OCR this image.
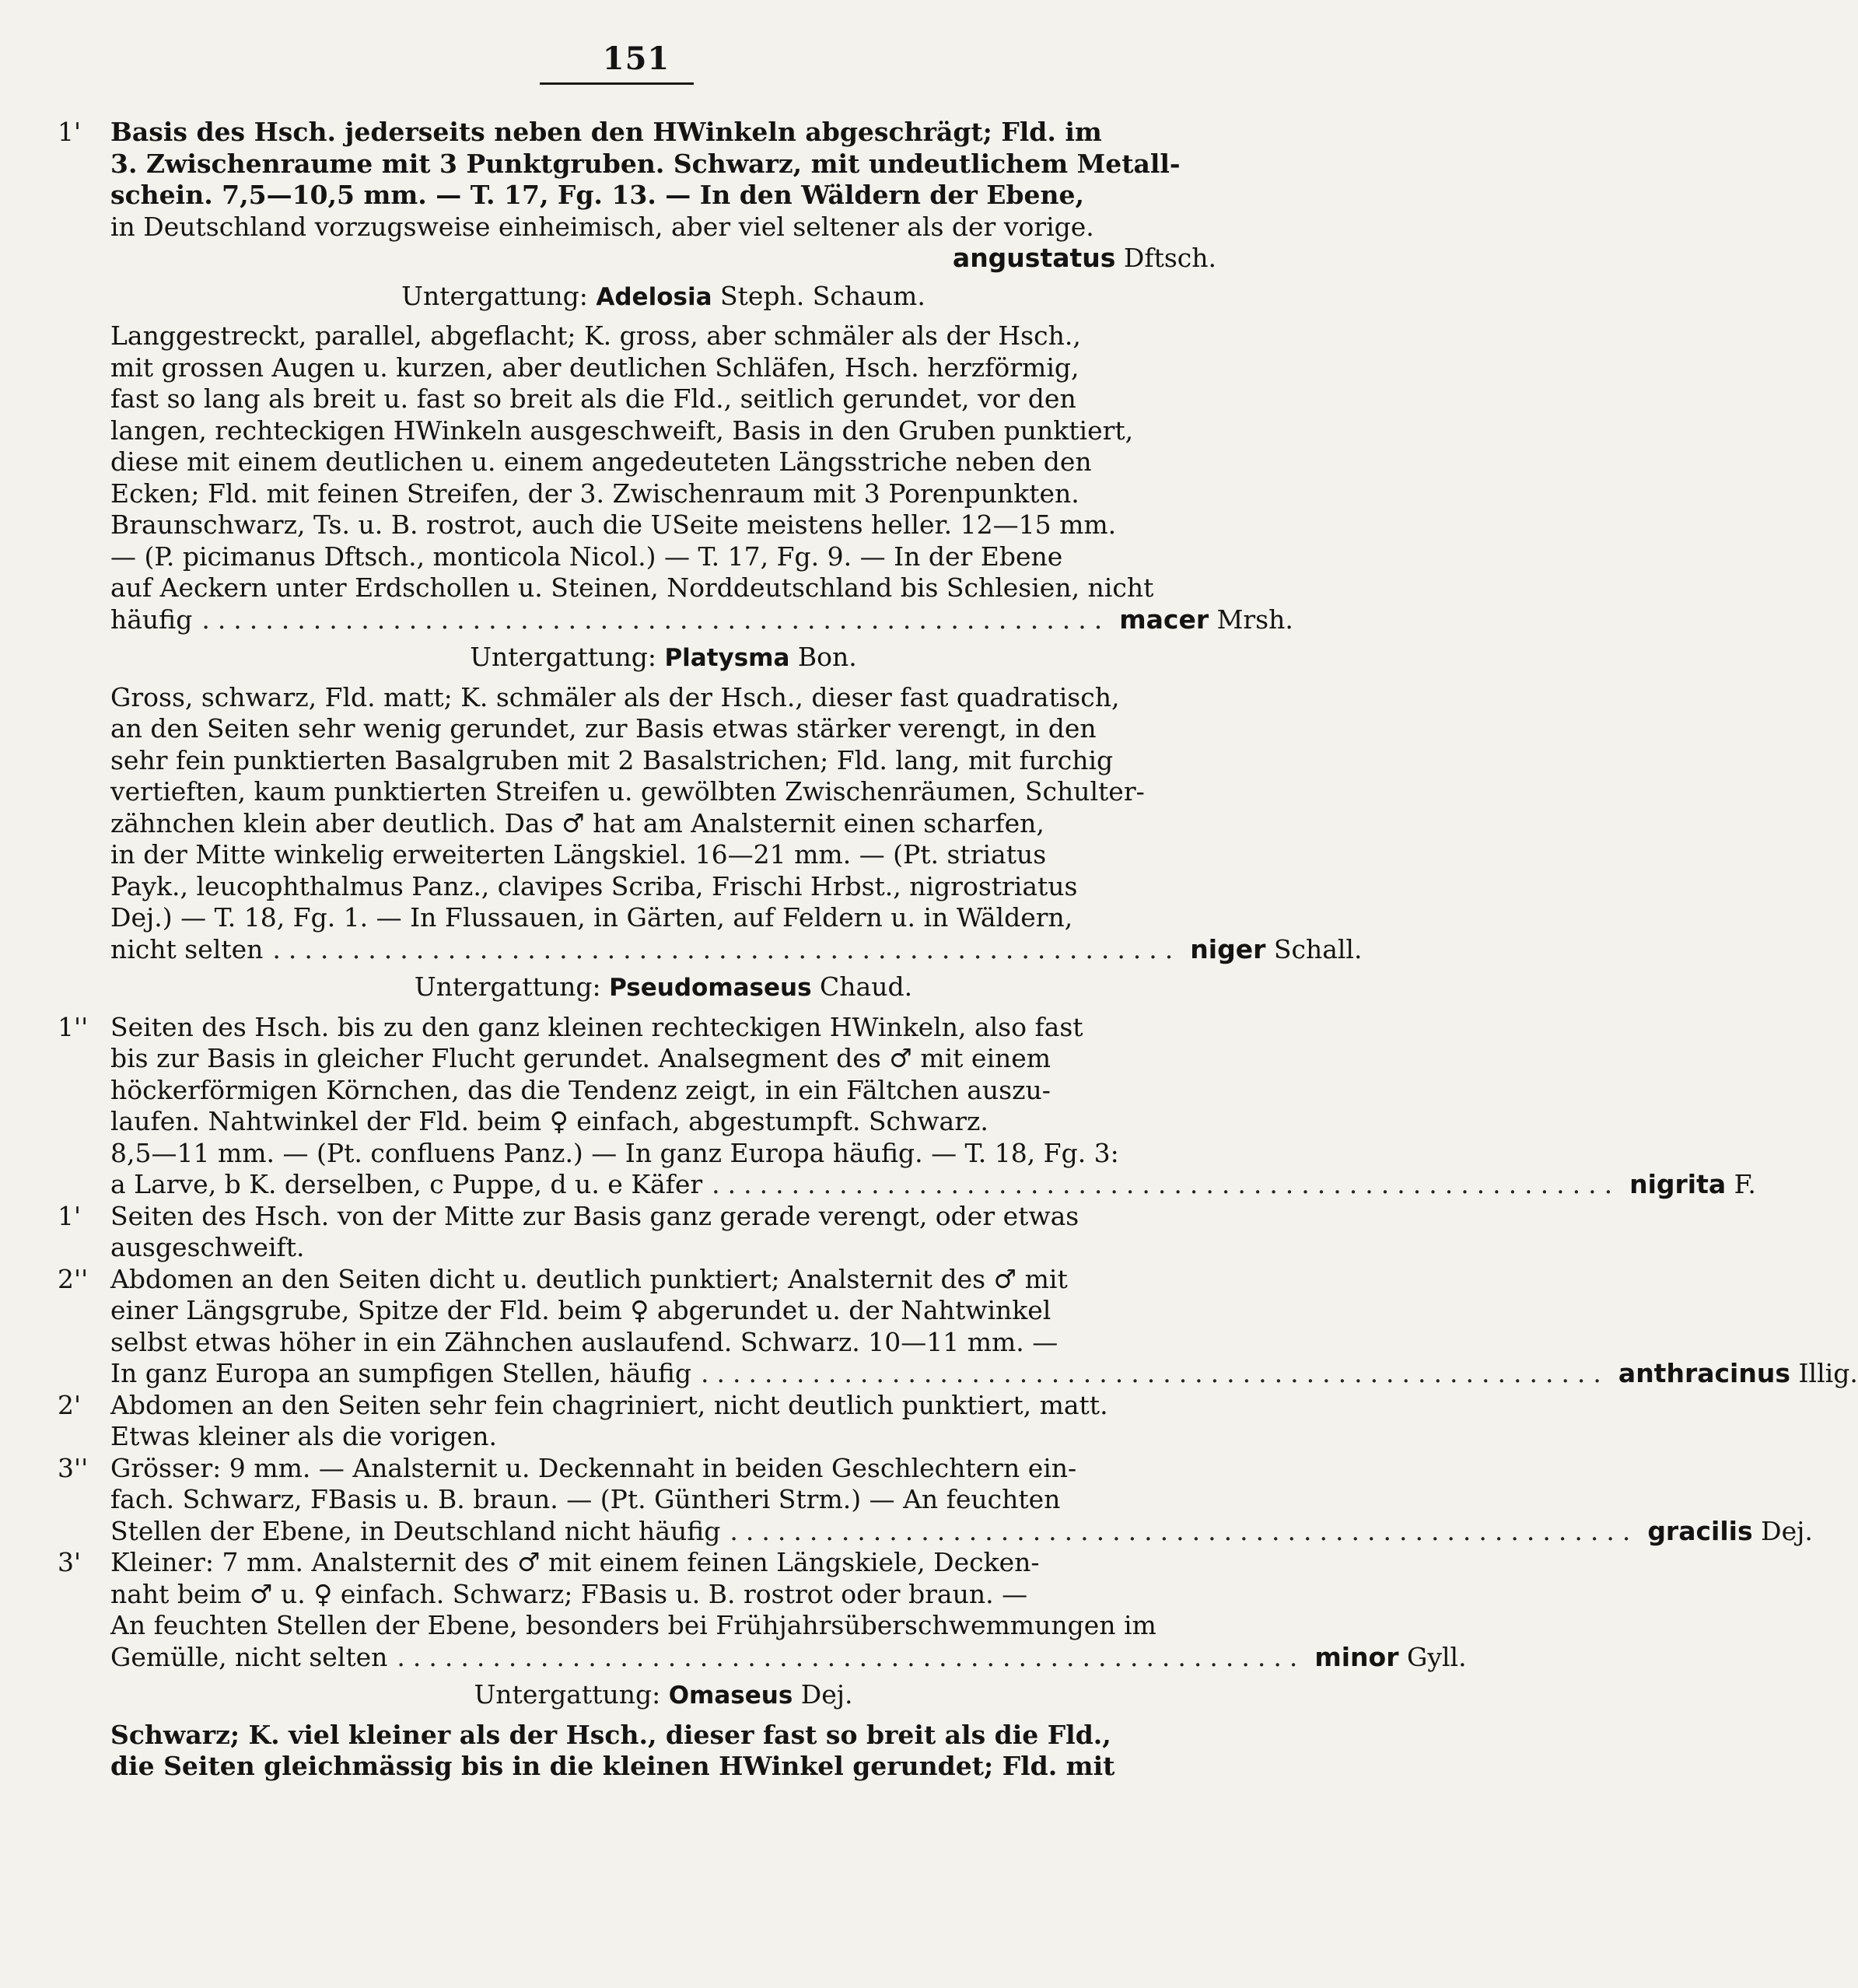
151
1' Basis des Hsch. jederseits neben den HWinkeln abgeschrägt; Fld. im
3. Zwischenraume mit 3 Punktgruben. Schwarz, mit undeutlichem Metall-
schein. 7,5—10,5 mm. — T. 17, Fg. 13. — In den Wäldern der Ebene,
in Deutschland vorzugsweise einheimisch, aber viel seltener als der vorige.
angustatus Dftsch.
Untergattung: Adelosia Steph. Schaum.
Langgestreckt, parallel, abgeflacht; K. gross, aber schmäler als der Hsch.,
mit grossen Augen u. kurzen, aber deutlichen Schläfen, Hsch. herzförmig,
fast so lang als breit u. fast so breit als die Fld., seitlich gerundet, vor den
langen, rechteckigen HWinkeln ausgeschweift, Basis in den Gruben punktiert,
diese mit einem deutlichen u. einem angedeuteten Längsstriche neben den
Ecken; Fld. mit feinen Streifen, der 3. Zwischenraum mit 3 Porenpunkten.
Braunschwarz, Ts. u. B. rostrot, auch die USeite meistens heller. 12—15 mm.
— (P. picimanus Dftsch., monticola Nicol.) — T. 17, Fg. 9. — In der Ebene
auf Aeckern unter Erdschollen u. Steinen, Norddeutschland bis Schlesien, nicht
häufig ......................................................... macer Mrsh.
Untergattung: Platysma Bon.
Gross, schwarz, Fld. matt; K. schmäler als der Hsch., dieser fast quadratisch,
an den Seiten sehr wenig gerundet, zur Basis etwas stärker verengt, in den
sehr fein punktierten Basalgruben mit 2 Basalstrichen; Fld. lang, mit furchig
vertieften, kaum punktierten Streifen u. gewölbten Zwischenräumen, Schulter-
zähnchen klein aber deutlich. Das ♂ hat am Analsternit einen scharfen,
in der Mitte winkelig erweiterten Längskiel. 16—21 mm. — (Pt. striatus
Payk., leucophthalmus Panz., clavipes Scriba, Frischi Hrbst., nigrostriatus
Dej.) — T. 18, Fg. 1. — In Flussauen, in Gärten, auf Feldern u. in Wäldern,
nicht selten ......................................................... niger Schall.
Untergattung: Pseudomaseus Chaud.
1'' Seiten des Hsch. bis zu den ganz kleinen rechteckigen HWinkeln, also fast
bis zur Basis in gleicher Flucht gerundet. Analsegment des ♂ mit einem
höckerförmigen Körnchen, das die Tendenz zeigt, in ein Fältchen auszu-
laufen. Nahtwinkel der Fld. beim ♀ einfach, abgestumpft. Schwarz.
8,5—11 mm. — (Pt. confluens Panz.) — In ganz Europa häufig. — T. 18, Fg. 3:
a Larve, b K. derselben, c Puppe, d u. e Käfer ......................................................... nigrita F.
1' Seiten des Hsch. von der Mitte zur Basis ganz gerade verengt, oder etwas
ausgeschweift.
2'' Abdomen an den Seiten dicht u. deutlich punktiert; Analsternit des ♂ mit
einer Längsgrube, Spitze der Fld. beim ♀ abgerundet u. der Nahtwinkel
selbst etwas höher in ein Zähnchen auslaufend. Schwarz. 10—11 mm. —
In ganz Europa an sumpfigen Stellen, häufig ......................................................... anthracinus Illig.
2' Abdomen an den Seiten sehr fein chagriniert, nicht deutlich punktiert, matt.
Etwas kleiner als die vorigen.
3'' Grösser: 9 mm. — Analsternit u. Deckennaht in beiden Geschlechtern ein-
fach. Schwarz, FBasis u. B. braun. — (Pt. Güntheri Strm.) — An feuchten
Stellen der Ebene, in Deutschland nicht häufig ......................................................... gracilis Dej.
3' Kleiner: 7 mm. Analsternit des ♂ mit einem feinen Längskiele, Decken-
naht beim ♂ u. ♀ einfach. Schwarz; FBasis u. B. rostrot oder braun. —
An feuchten Stellen der Ebene, besonders bei Frühjahrsüberschwemmungen im
Gemülle, nicht selten ......................................................... minor Gyll.
Untergattung: Omaseus Dej.
Schwarz; K. viel kleiner als der Hsch., dieser fast so breit als die Fld.,
die Seiten gleichmässig bis in die kleinen HWinkel gerundet; Fld. mit
